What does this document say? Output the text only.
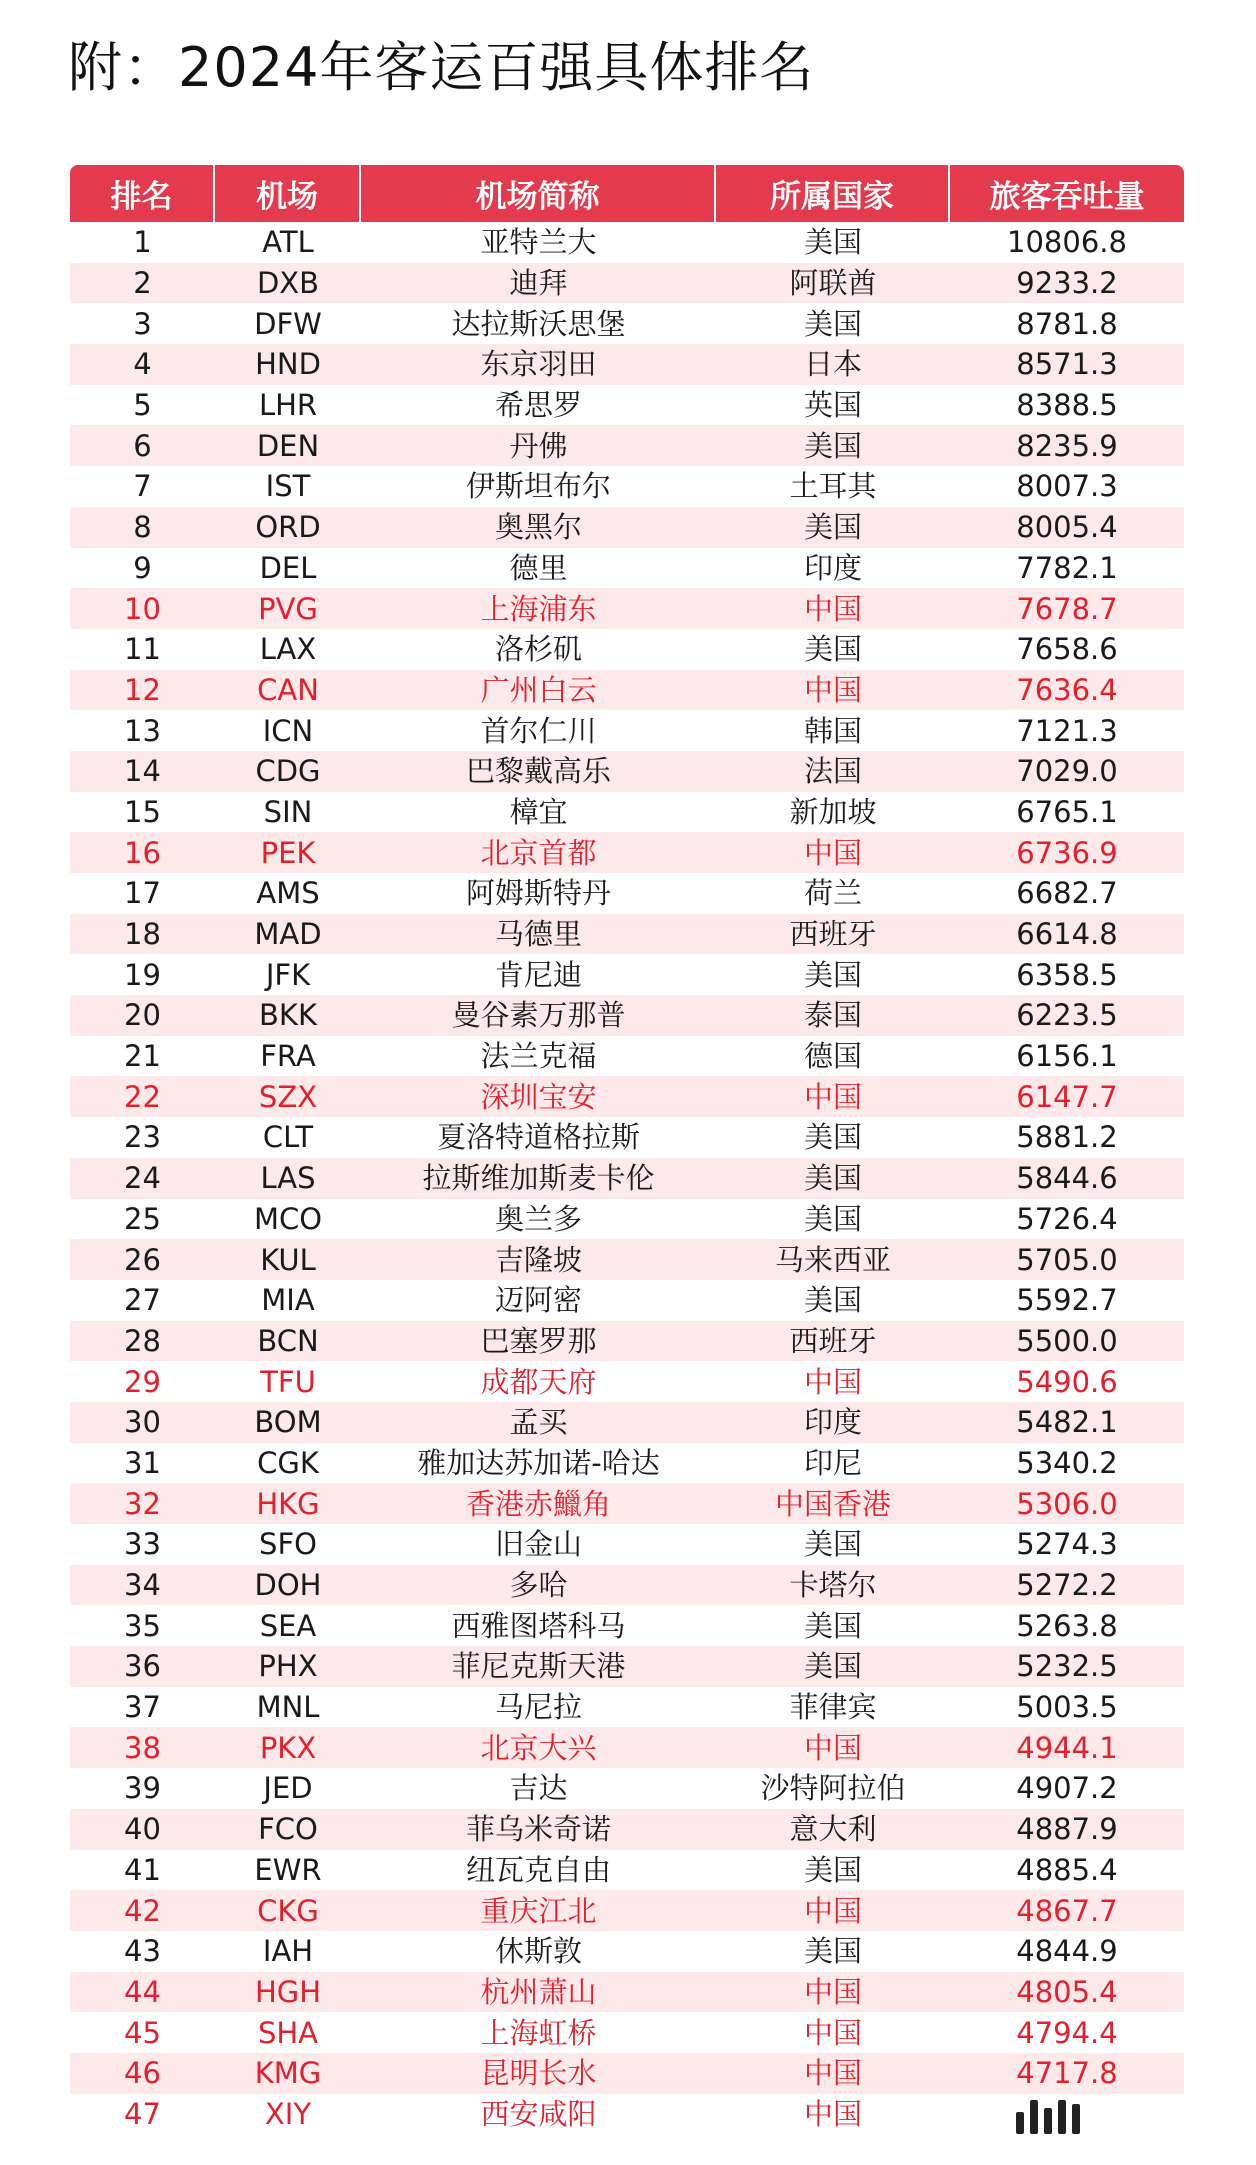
附：2024年客运百强具体排名
排名	机场	机场简称	所属国家	旅客吞吐量
1	ATL	亚特兰大	美国	10806.8
2	DXB	迪拜	阿联酋	9233.2
3	DFW	达拉斯沃思堡	美国	8781.8
4	HND	东京羽田	日本	8571.3
5	LHR	希思罗	英国	8388.5
6	DEN	丹佛	美国	8235.9
7	IST	伊斯坦布尔	土耳其	8007.3
8	ORD	奥黑尔	美国	8005.4
9	DEL	德里	印度	7782.1
10	PVG	上海浦东	中国	7678.7
11	LAX	洛杉矶	美国	7658.6
12	CAN	广州白云	中国	7636.4
13	ICN	首尔仁川	韩国	7121.3
14	CDG	巴黎戴高乐	法国	7029.0
15	SIN	樟宜	新加坡	6765.1
16	PEK	北京首都	中国	6736.9
17	AMS	阿姆斯特丹	荷兰	6682.7
18	MAD	马德里	西班牙	6614.8
19	JFK	肯尼迪	美国	6358.5
20	BKK	曼谷素万那普	泰国	6223.5
21	FRA	法兰克福	德国	6156.1
22	SZX	深圳宝安	中国	6147.7
23	CLT	夏洛特道格拉斯	美国	5881.2
24	LAS	拉斯维加斯麦卡伦	美国	5844.6
25	MCO	奥兰多	美国	5726.4
26	KUL	吉隆坡	马来西亚	5705.0
27	MIA	迈阿密	美国	5592.7
28	BCN	巴塞罗那	西班牙	5500.0
29	TFU	成都天府	中国	5490.6
30	BOM	孟买	印度	5482.1
31	CGK	雅加达苏加诺-哈达	印尼	5340.2
32	HKG	香港赤鱲角	中国香港	5306.0
33	SFO	旧金山	美国	5274.3
34	DOH	多哈	卡塔尔	5272.2
35	SEA	西雅图塔科马	美国	5263.8
36	PHX	菲尼克斯天港	美国	5232.5
37	MNL	马尼拉	菲律宾	5003.5
38	PKX	北京大兴	中国	4944.1
39	JED	吉达	沙特阿拉伯	4907.2
40	FCO	菲乌米奇诺	意大利	4887.9
41	EWR	纽瓦克自由	美国	4885.4
42	CKG	重庆江北	中国	4867.7
43	IAH	休斯敦	美国	4844.9
44	HGH	杭州萧山	中国	4805.4
45	SHA	上海虹桥	中国	4794.4
46	KMG	昆明长水	中国	4717.8
47	XIY	西安咸阳	中国
